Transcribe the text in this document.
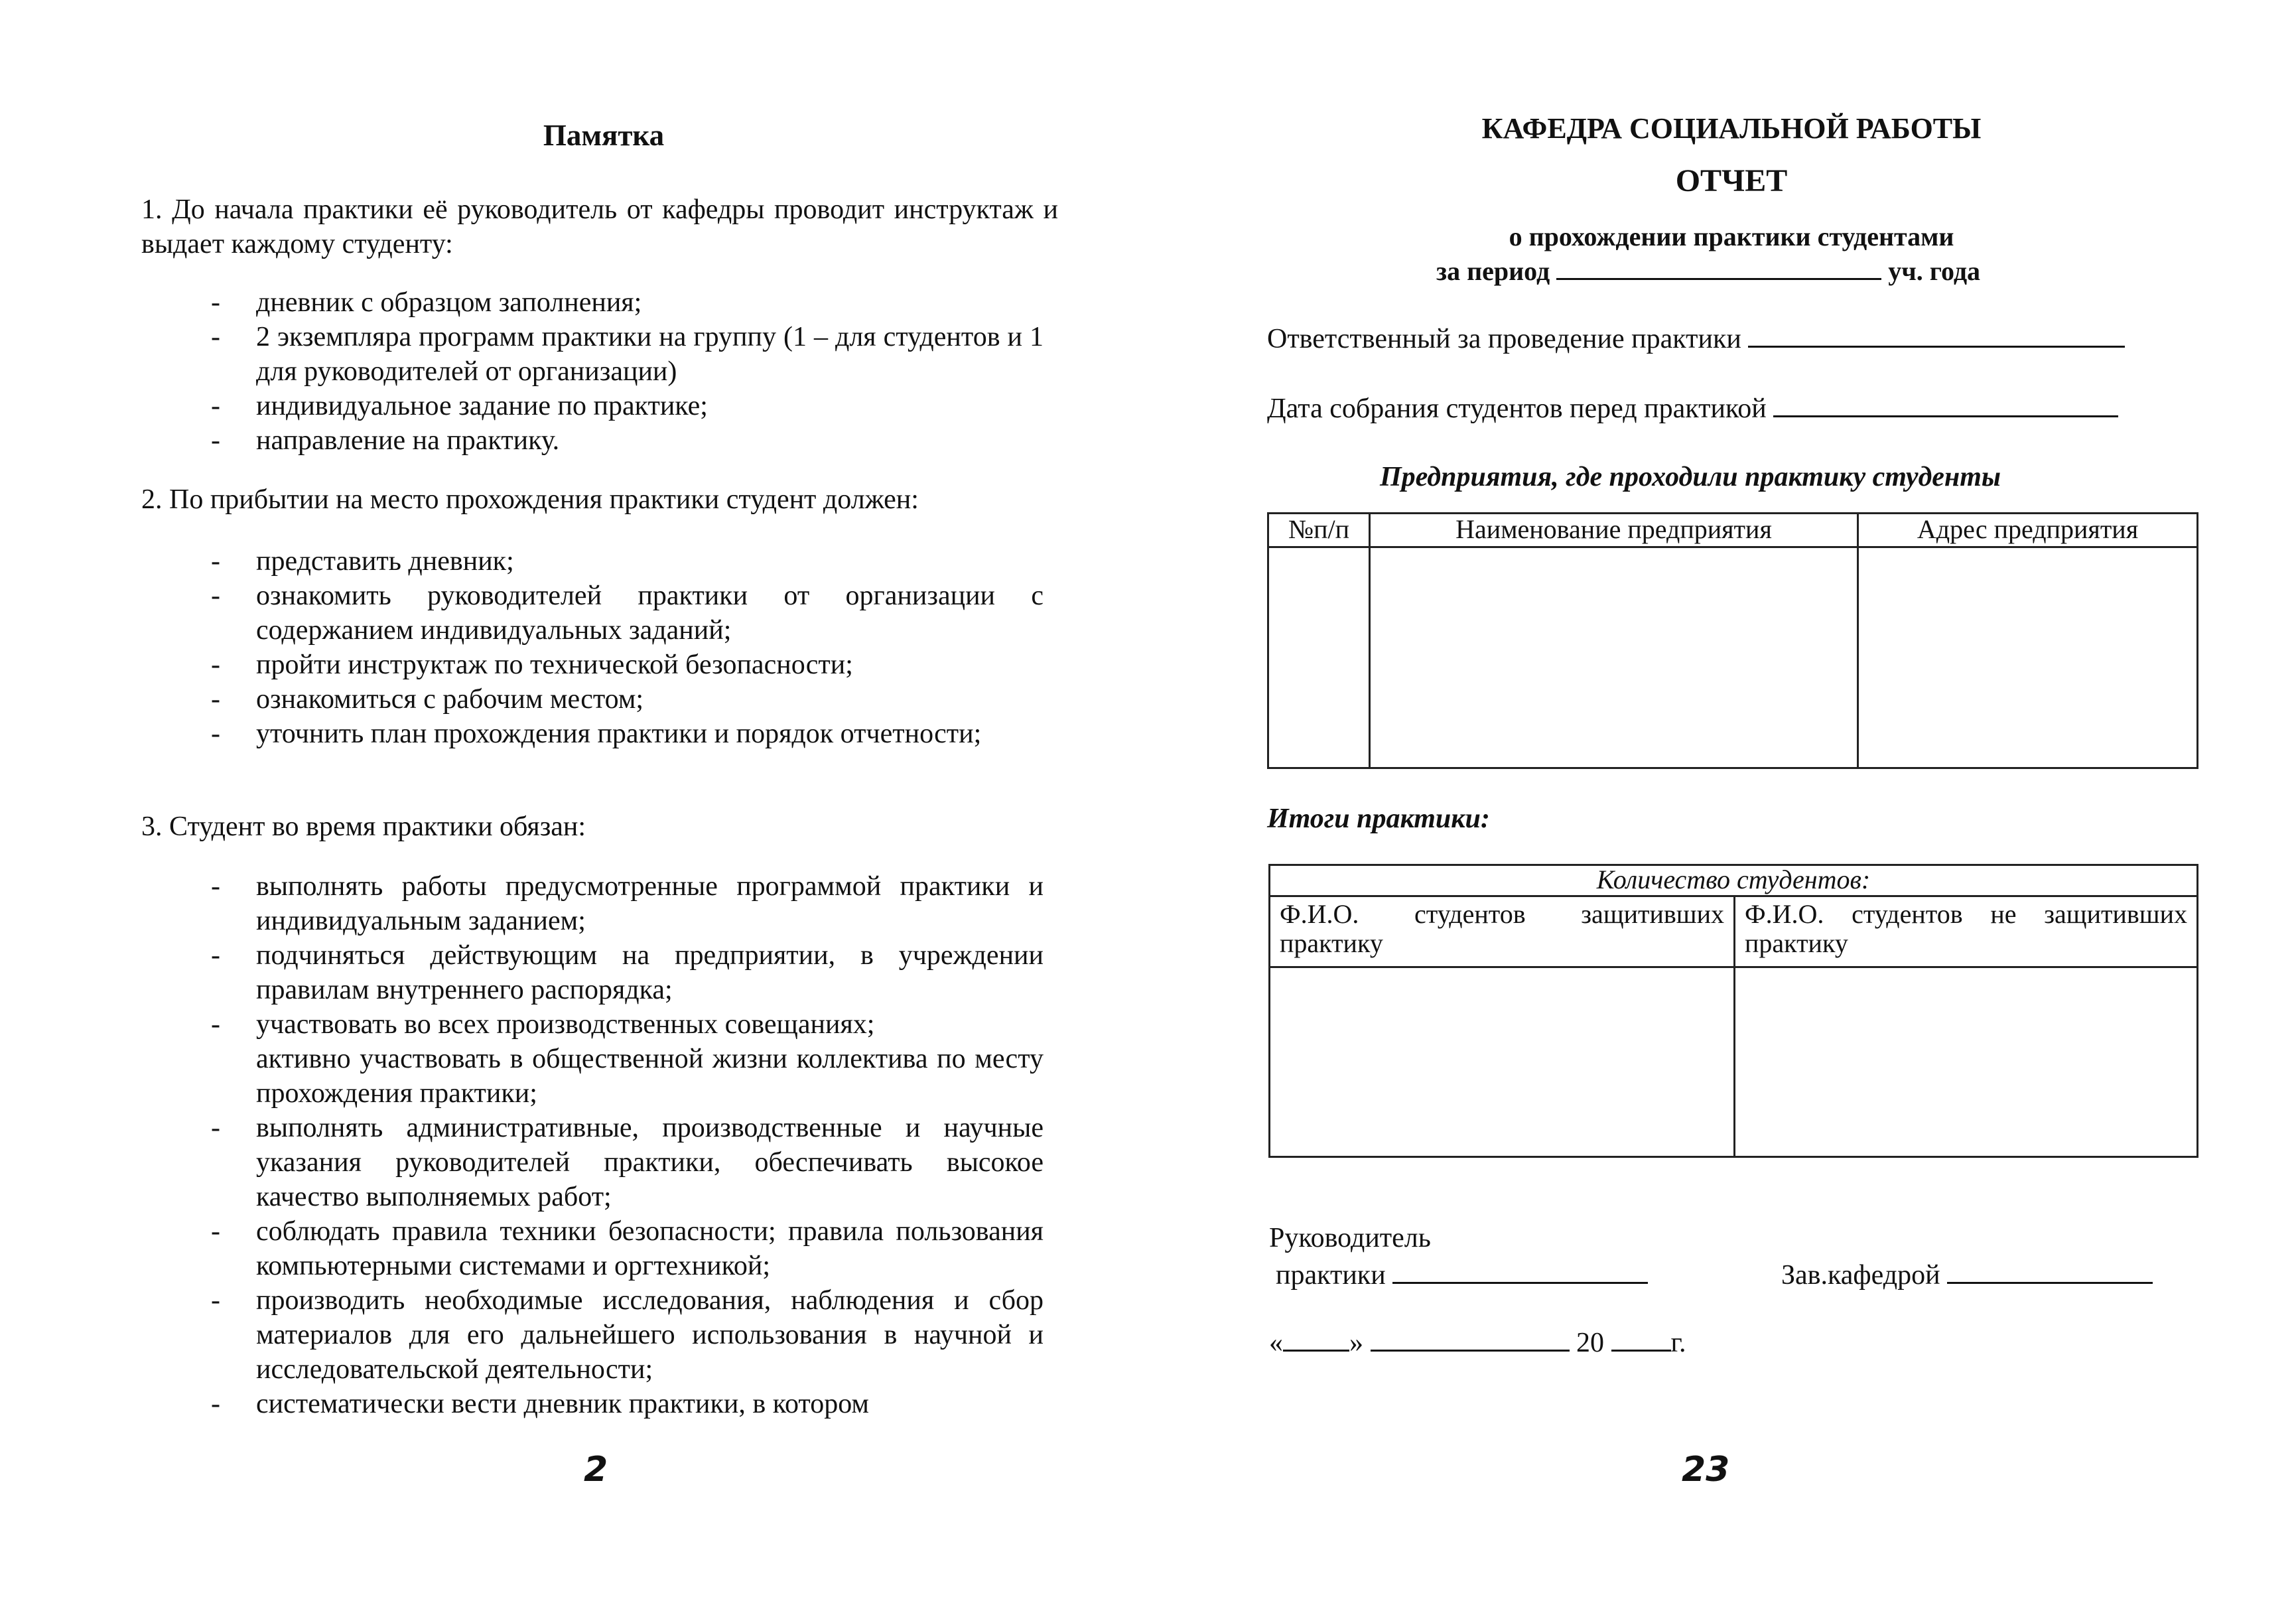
Памятка
1. До начала практики её руководитель от кафедры проводит инструктаж и выдает каждому студенту:
- дневник с образцом заполнения;
- 2 экземпляра программ практики на группу (1 – для студентов и 1 для руководителей от организации)
- индивидуальное задание по практике;
- направление на практику.
2. По прибытии на место прохождения практики студент должен:
- представить дневник;
- ознакомить руководителей практики от организации с содержанием индивидуальных заданий;
- пройти инструктаж по технической безопасности;
- ознакомиться с рабочим местом;
- уточнить план прохождения практики и порядок отчетности;
3. Студент во время практики обязан:
- выполнять работы предусмотренные программой практики и индивидуальным заданием;
- подчиняться действующим на предприятии, в учреждении правилам внутреннего распорядка;
- участвовать во всех производственных совещаниях;
активно участвовать в общественной жизни коллектива по месту прохождения практики;
- выполнять административные, производственные и научные указания руководителей практики, обеспечивать высокое качество выполняемых работ;
- соблюдать правила техники безопасности; правила пользования компьютерными системами и оргтехникой;
- производить необходимые исследования, наблюдения и сбор материалов для его дальнейшего использования в научной и исследовательской деятельности;
- систематически вести дневник практики, в котором
2
КАФЕДРА СОЦИАЛЬНОЙ РАБОТЫ
ОТЧЕТ
о прохождении практики студентами
за период	уч. года
Ответственный за проведение практики
Дата собрания студентов перед практикой
Предприятия, где проходили практику студенты
№п/п	Наименование предприятия	Адрес предприятия

Итоги практики:
Количество студентов:	
Ф.И.О. студентов защитивших практику	Ф.И.О. студентов не защитивших практику

Руководитель
практики	Зав.кафедрой
« »	20 г.
23
